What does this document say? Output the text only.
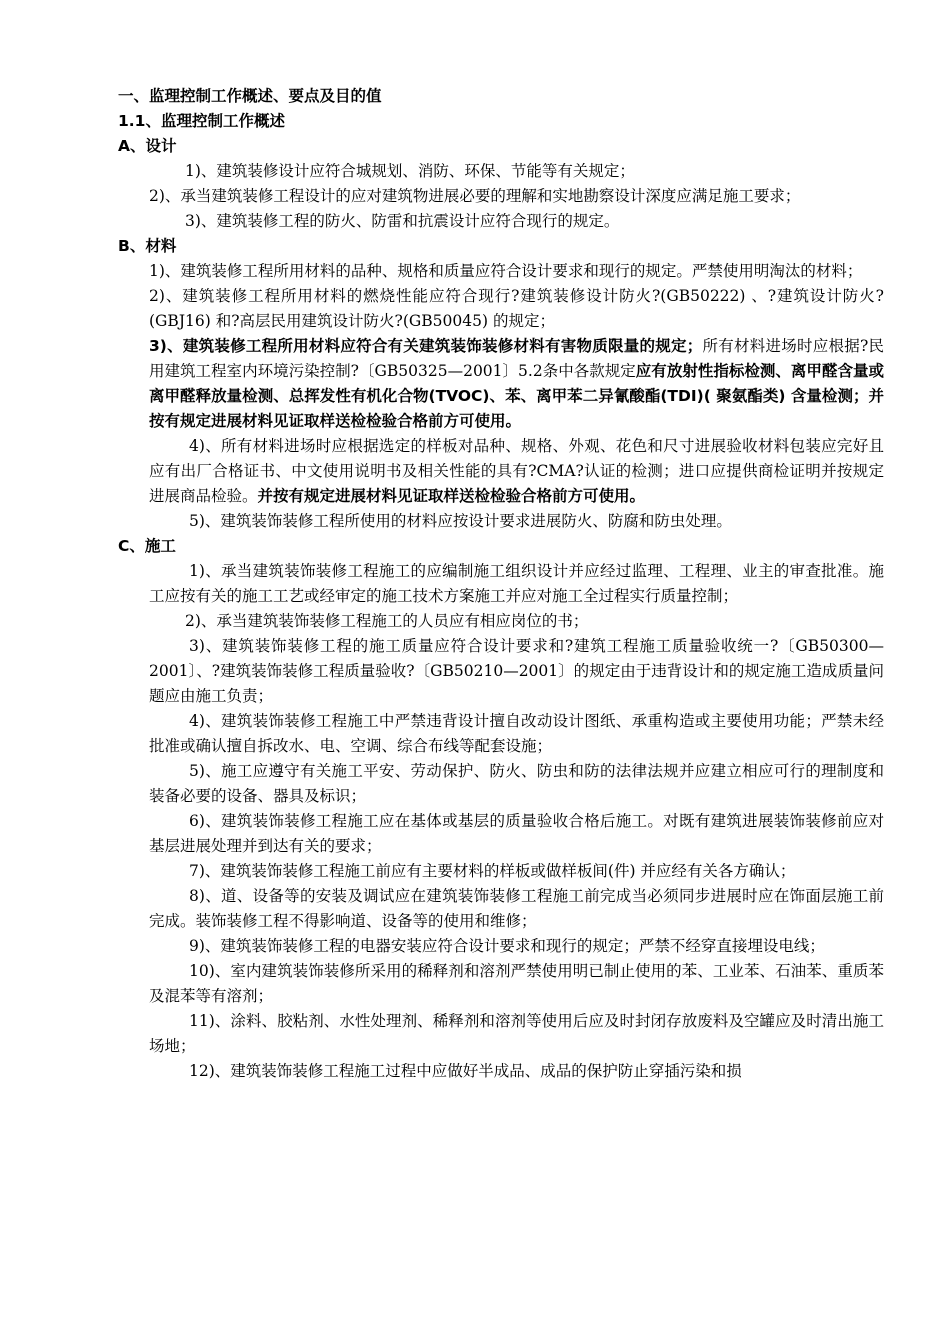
一、监理控制工作概述、要点及目的值
1.1、监理控制工作概述
A、设计
1)、建筑装修设计应符合城规划、消防、环保、节能等有关规定；
2)、承当建筑装修工程设计的应对建筑物进展必要的理解和实地勘察设计深度应满足施工要求；
3)、建筑装修工程的防火、防雷和抗震设计应符合现行的规定。
B、材料
1)、建筑装修工程所用材料的品种、规格和质量应符合设计要求和现行的规定。严禁使用明淘汰的材料；
2)、建筑装修工程所用材料的燃烧性能应符合现行?建筑装修设计防火?(GB50222) 、?建筑设计防火?(GBJ16) 和?高层民用建筑设计防火?(GB50045) 的规定；
3)、建筑装修工程所用材料应符合有关建筑装饰装修材料有害物质限量的规定；所有材料进场时应根据?民用建筑工程室内环境污染控制?〔GB50325—2001〕5.2条中各款规定应有放射性指标检测、离甲醛含量或离甲醛释放量检测、总挥发性有机化合物(TVOC)、苯、离甲苯二异氰酸酯(TDI)( 聚氨酯类) 含量检测；并按有规定进展材料见证取样送检检验合格前方可使用。
4)、所有材料进场时应根据选定的样板对品种、规格、外观、花色和尺寸进展验收材料包装应完好且应有出厂合格证书、中文使用说明书及相关性能的具有?CMA?认证的检测；进口应提供商检证明并按规定进展商品检验。并按有规定进展材料见证取样送检检验合格前方可使用。
5)、建筑装饰装修工程所使用的材料应按设计要求进展防火、防腐和防虫处理。
C、施工
1)、承当建筑装饰装修工程施工的应编制施工组织设计并应经过监理、工程理、业主的审查批准。施工应按有关的施工工艺或经审定的施工技术方案施工并应对施工全过程实行质量控制；
2)、承当建筑装饰装修工程施工的人员应有相应岗位的书；
3)、建筑装饰装修工程的施工质量应符合设计要求和?建筑工程施工质量验收统一?〔GB50300—2001〕、?建筑装饰装修工程质量验收?〔GB50210—2001〕的规定由于违背设计和的规定施工造成质量问题应由施工负责；
4)、建筑装饰装修工程施工中严禁违背设计擅自改动设计图纸、承重构造或主要使用功能；严禁未经批准或确认擅自拆改水、电、空调、综合布线等配套设施；
5)、施工应遵守有关施工平安、劳动保护、防火、防虫和防的法律法规并应建立相应可行的理制度和装备必要的设备、器具及标识；
6)、建筑装饰装修工程施工应在基体或基层的质量验收合格后施工。对既有建筑进展装饰装修前应对基层进展处理并到达有关的要求；
7)、建筑装饰装修工程施工前应有主要材料的样板或做样板间(件) 并应经有关各方确认；
8)、道、设备等的安装及调试应在建筑装饰装修工程施工前完成当必须同步进展时应在饰面层施工前完成。装饰装修工程不得影响道、设备等的使用和维修；
9)、建筑装饰装修工程的电器安装应符合设计要求和现行的规定；严禁不经穿直接埋设电线；
10)、室内建筑装饰装修所采用的稀释剂和溶剂严禁使用明已制止使用的苯、工业苯、石油苯、重质苯及混苯等有溶剂；
11)、涂料、胶粘剂、水性处理剂、稀释剂和溶剂等使用后应及时封闭存放废料及空罐应及时清出施工场地；
12)、建筑装饰装修工程施工过程中应做好半成品、成品的保护防止穿插污染和损
